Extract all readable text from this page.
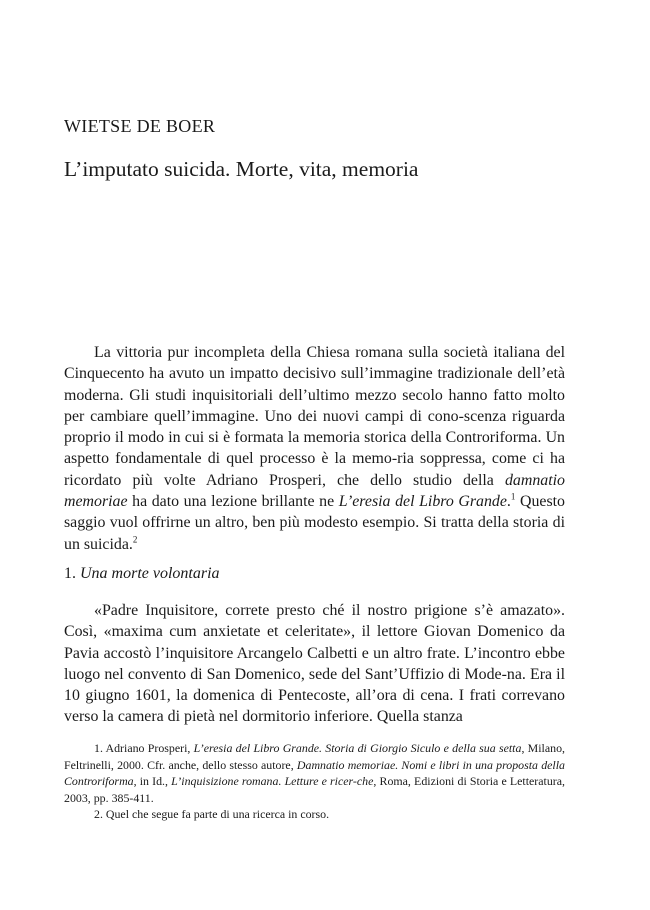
WIETSE DE BOER
L’imputato suicida. Morte, vita, memoria

La vittoria pur incompleta della Chiesa romana sulla società italiana del Cinquecento ha avuto un impatto decisivo sull’immagine tradizionale dell’età moderna. Gli studi inquisitoriali dell’ultimo mezzo secolo hanno fatto molto per cambiare quell’immagine. Uno dei nuovi campi di cono-scenza riguarda proprio il modo in cui si è formata la memoria storica della Controriforma. Un aspetto fondamentale di quel processo è la memo-ria soppressa, come ci ha ricordato più volte Adriano Prosperi, che dello studio della damnatio memoriae ha dato una lezione brillante ne L’eresia del Libro Grande.$^1$ Questo saggio vuol offrirne un altro, ben più modesto esempio. Si tratta della storia di un suicida.$^2$

1. Una morte volontaria

«Padre Inquisitore, correte presto ché il nostro prigione s’è amazato». Così, «maxima cum anxietate et celeritate», il lettore Giovan Domenico da Pavia accostò l’inquisitore Arcangelo Calbetti e un altro frate. L’incontro ebbe luogo nel convento di San Domenico, sede del Sant’Uffizio di Mode-na. Era il 10 giugno 1601, la domenica di Pentecoste, all’ora di cena. I frati correvano verso la camera di pietà nel dormitorio inferiore. Quella stanza

1. Adriano Prosperi, L’eresia del Libro Grande. Storia di Giorgio Siculo e della sua setta, Milano, Feltrinelli, 2000. Cfr. anche, dello stesso autore, Damnatio memoriae. Nomi e libri in una proposta della Controriforma, in Id., L’inquisizione romana. Letture e ricer-che, Roma, Edizioni di Storia e Letteratura, 2003, pp. 385-411.

2. Quel che segue fa parte di una ricerca in corso.
